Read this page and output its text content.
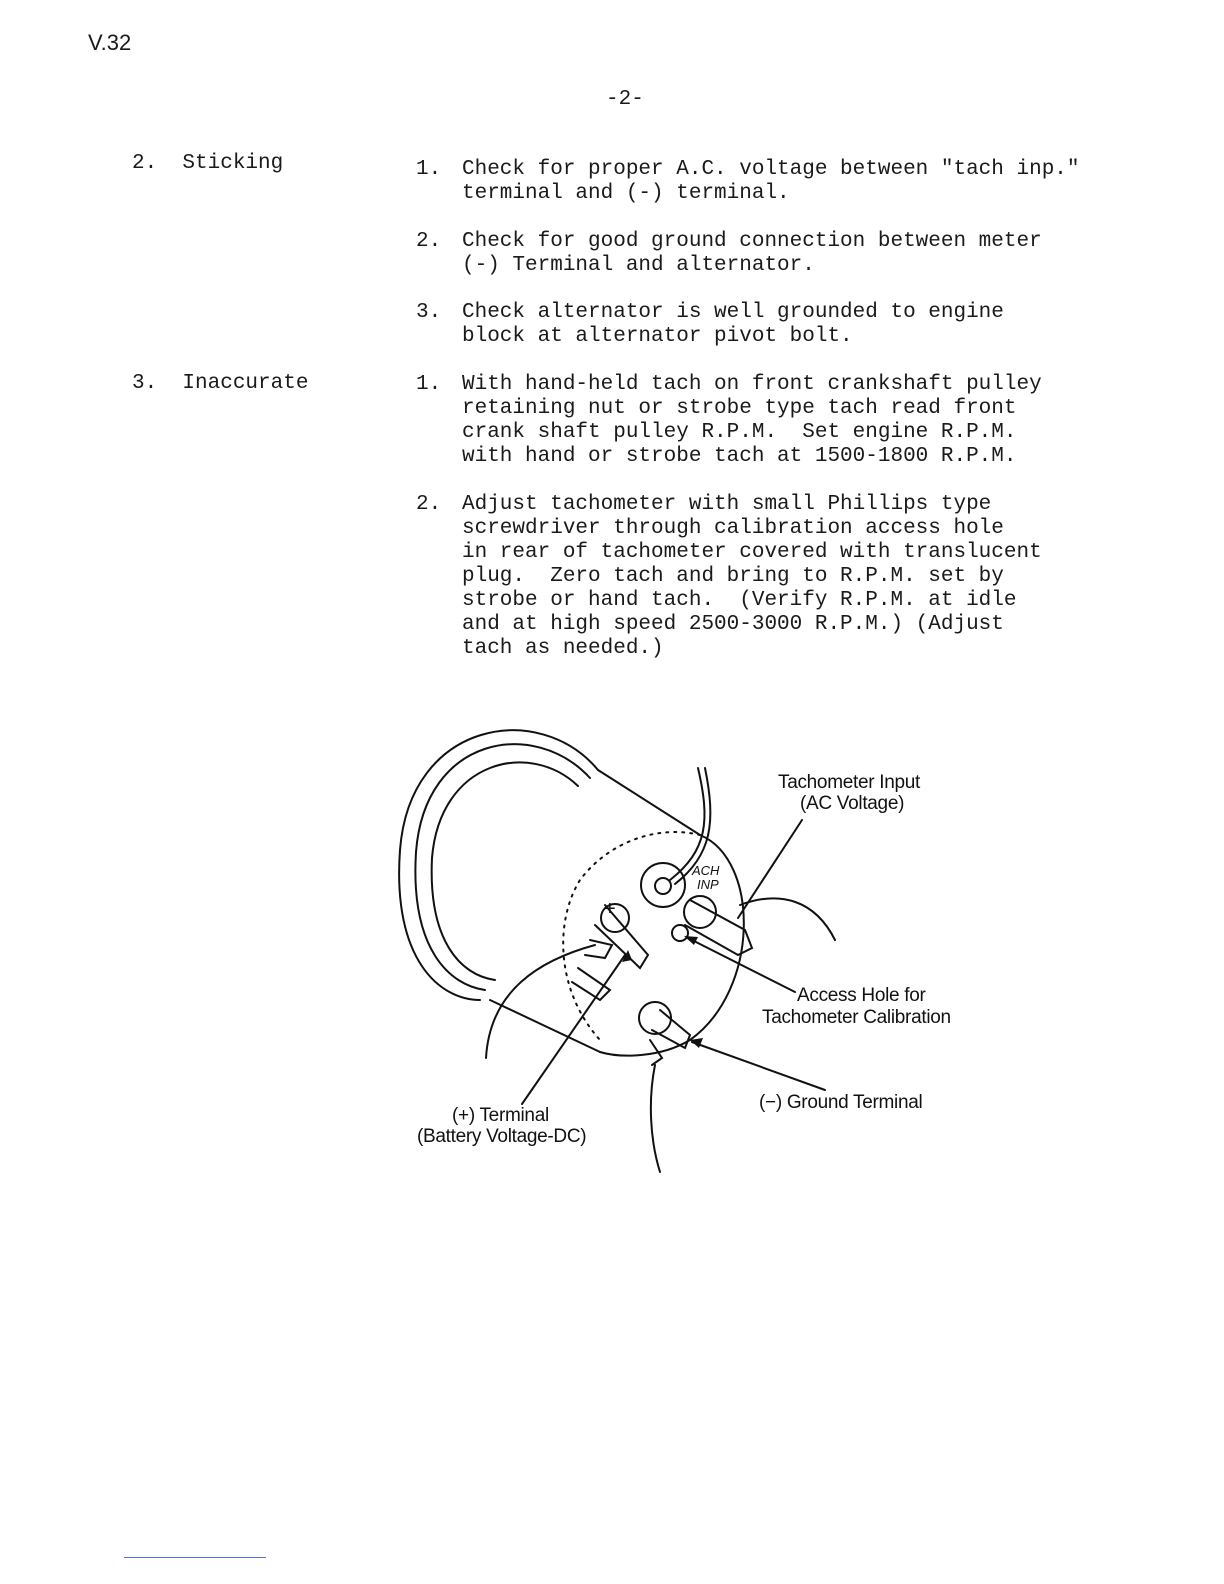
V.32
-2-
2.  Sticking	1. Check for proper A.C. voltage between "tach inp."
terminal and (-) terminal.
2. Check for good ground connection between meter
(-) Terminal and alternator.
3. Check alternator is well grounded to engine
block at alternator pivot bolt.
3.  Inaccurate	1. With hand-held tach on front crankshaft pulley
retaining nut or strobe type tach read front
crank shaft pulley R.P.M.  Set engine R.P.M.
with hand or strobe tach at 1500-1800 R.P.M.
2. Adjust tachometer with small Phillips type
screwdriver through calibration access hole
in rear of tachometer covered with translucent
plug.  Zero tach and bring to R.P.M. set by
strobe or hand tach.  (Verify R.P.M. at idle
and at high speed 2500-3000 R.P.M.) (Adjust
tach as needed.)
ACH
INP
+
Tachometer Input
(AC Voltage)
Access Hole for
Tachometer Calibration
(−) Ground Terminal
(+) Terminal
(Battery Voltage-DC)
